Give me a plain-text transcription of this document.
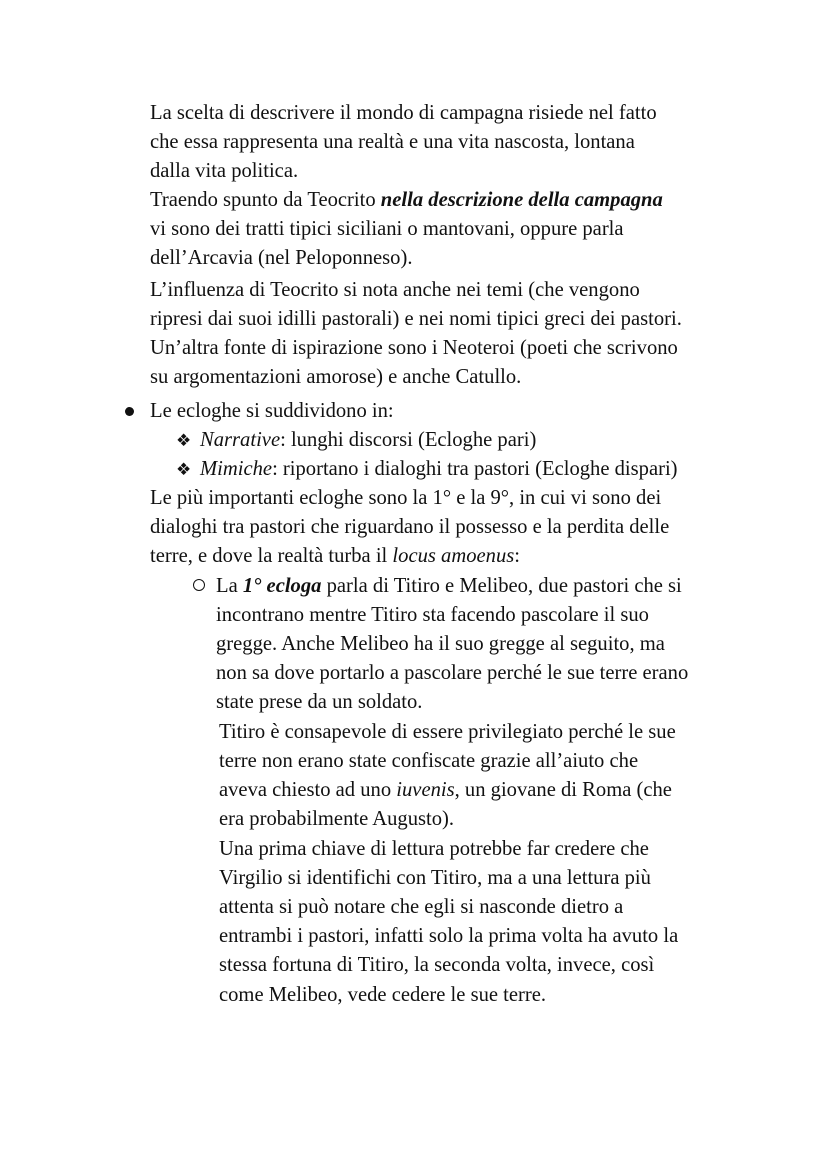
La scelta di descrivere il mondo di campagna risiede nel fatto
che essa rappresenta una realtà e una vita nascosta, lontana
dalla vita politica.
Traendo spunto da Teocrito nella descrizione della campagna
vi sono dei tratti tipici siciliani o mantovani, oppure parla
dell’Arcavia (nel Peloponneso).
L’influenza di Teocrito si nota anche nei temi (che vengono
ripresi dai suoi idilli pastorali) e nei nomi tipici greci dei pastori.
Un’altra fonte di ispirazione sono i Neoteroi (poeti che scrivono
su argomentazioni amorose) e anche Catullo.
Le ecloghe si suddividono in:
❖ Narrative: lunghi discorsi (Ecloghe pari)
❖ Mimiche: riportano i dialoghi tra pastori (Ecloghe dispari)
Le più importanti ecloghe sono la 1° e la 9°, in cui vi sono dei
dialoghi tra pastori che riguardano il possesso e la perdita delle
terre, e dove la realtà turba il locus amoenus:
La 1° ecloga parla di Titiro e Melibeo, due pastori che si
incontrano mentre Titiro sta facendo pascolare il suo
gregge. Anche Melibeo ha il suo gregge al seguito, ma
non sa dove portarlo a pascolare perché le sue terre erano
state prese da un soldato.
Titiro è consapevole di essere privilegiato perché le sue
terre non erano state confiscate grazie all’aiuto che
aveva chiesto ad uno iuvenis, un giovane di Roma (che
era probabilmente Augusto).
Una prima chiave di lettura potrebbe far credere che
Virgilio si identifichi con Titiro, ma a una lettura più
attenta si può notare che egli si nasconde dietro a
entrambi i pastori, infatti solo la prima volta ha avuto la
stessa fortuna di Titiro, la seconda volta, invece, così
come Melibeo, vede cedere le sue terre.
